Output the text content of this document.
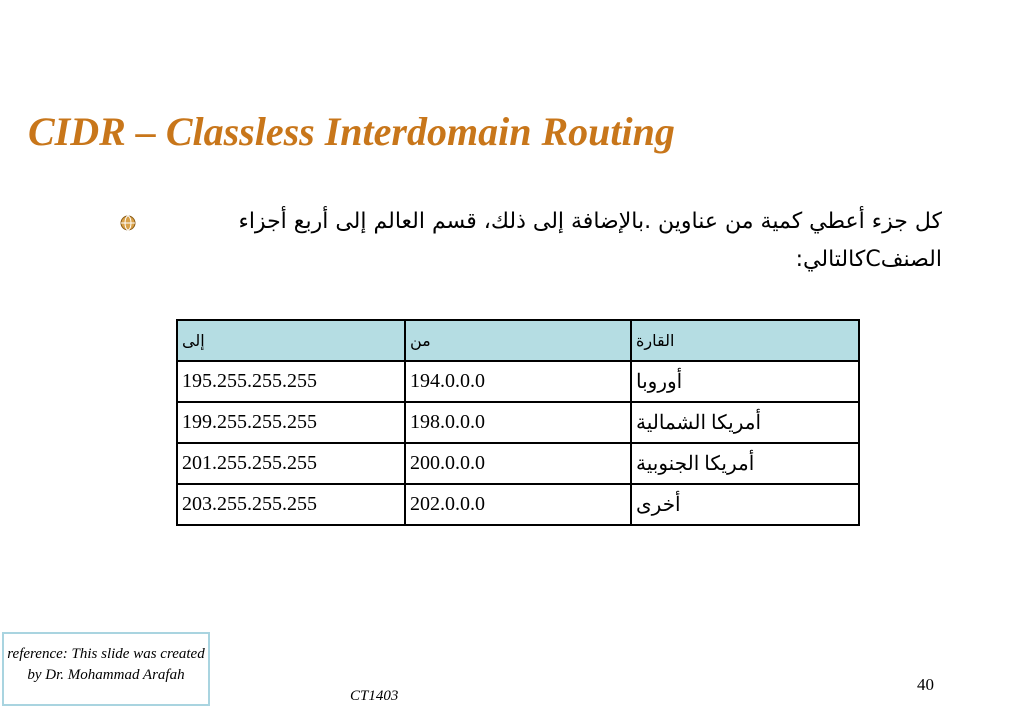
CIDR – Classless Interdomain Routing

كل جزء أعطي كمية من عناوين .بالإضافة إلى ذلك، قسم العالم إلى أربع أجزاء

الصنفCكالتالي:

إلى	من	القارة
195.255.255.255	194.0.0.0	أوروبا
199.255.255.255	198.0.0.0	أمريكا الشمالية
201.255.255.255	200.0.0.0	أمريكا الجنوبية
203.255.255.255	202.0.0.0	أخرى
reference: This slide was created by Dr. Mohammad Arafah
CT1403
40
